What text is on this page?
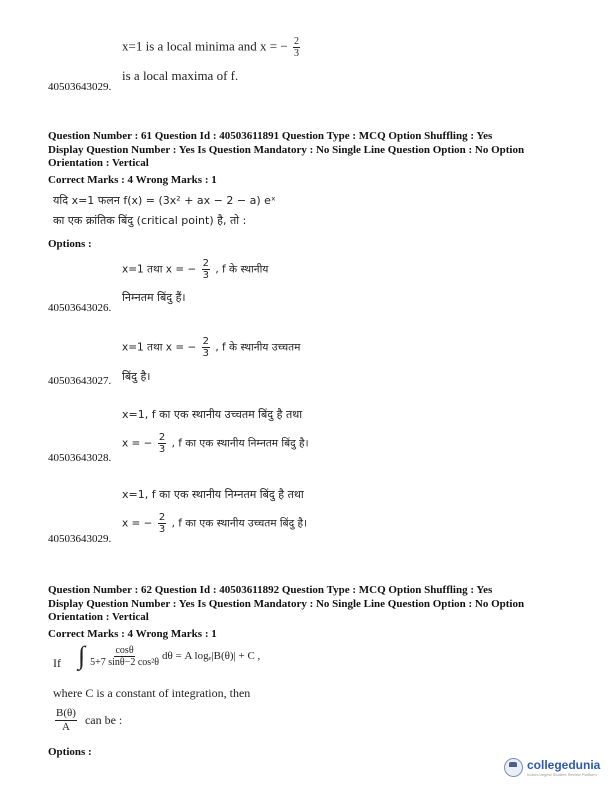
x=1 is a local minima and x = − $\frac{2}{3}$
is a local maxima of f.
40503643029.
Question Number : 61 Question Id : 40503611891 Question Type : MCQ Option Shuffling : Yes
Display Question Number : Yes Is Question Mandatory : No Single Line Question Option : No Option
Orientation : Vertical
Correct Marks : 4 Wrong Marks : 1
यदि x=1 फलन f(x) = (3x² + ax − 2 − a) eˣ
का एक क्रांतिक बिंदु (critical point) है, तो :
Options :
x=1 तथा x = − $\frac{2}{3}$ , f के स्थानीय
निम्नतम बिंदु हैं।
40503643026.
x=1 तथा x = − $\frac{2}{3}$ , f के स्थानीय उच्चतम
बिंदु है।
40503643027.
x=1, f का एक स्थानीय उच्चतम बिंदु है तथा
x = − $\frac{2}{3}$ , f का एक स्थानीय निम्नतम बिंदु है।
40503643028.
x=1, f का एक स्थानीय निम्नतम बिंदु है तथा
x = − $\frac{2}{3}$ , f का एक स्थानीय उच्चतम बिंदु है।
40503643029.
Question Number : 62 Question Id : 40503611892 Question Type : MCQ Option Shuffling : Yes
Display Question Number : Yes Is Question Mandatory : No Single Line Question Option : No Option
Orientation : Vertical
Correct Marks : 4 Wrong Marks : 1
If ∫ $\frac{\cos\theta}{\text{5+7 sinθ−2 cos²θ}}$ dθ = A logₑ|B(θ)| + C ,
where C is a constant of integration, then
$\frac{B(\theta)}{A}$ can be :
Options :
collegedunia
India's largest Student Review Platform
